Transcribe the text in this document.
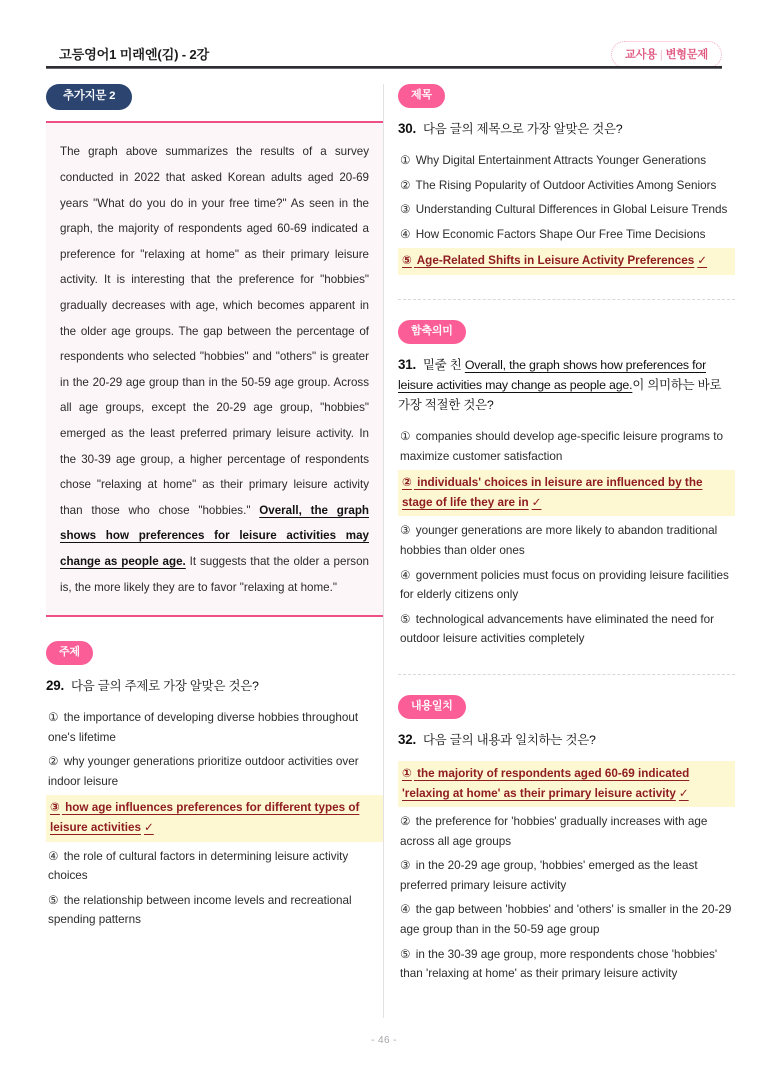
고등영어1 미래엔(김) - 2강	교사용 | 변형문제
추가지문 2

The graph above summarizes the results of a survey conducted in 2022 that asked Korean adults aged 20-69 years "What do you do in your free time?" As seen in the graph, the majority of respondents aged 60-69 indicated a preference for "relaxing at home" as their primary leisure activity. It is interesting that the preference for "hobbies" gradually decreases with age, which becomes apparent in the older age groups. The gap between the percentage of respondents who selected "hobbies" and "others" is greater in the 20-29 age group than in the 50-59 age group. Across all age groups, except the 20-29 age group, "hobbies" emerged as the least preferred primary leisure activity. In the 30-39 age group, a higher percentage of respondents chose "relaxing at home" as their primary leisure activity than those who chose "hobbies." Overall, the graph shows how preferences for leisure activities may change as people age. It suggests that the older a person is, the more likely they are to favor "relaxing at home."

주제

29. 다음 글의 주제로 가장 알맞은 것은?

① the importance of developing diverse hobbies throughout one's lifetime
② why younger generations prioritize outdoor activities over indoor leisure
③ how age influences preferences for different types of leisure activities ✓
④ the role of cultural factors in determining leisure activity choices
⑤ the relationship between income levels and recreational spending patterns
제목

30. 다음 글의 제목으로 가장 알맞은 것은?

① Why Digital Entertainment Attracts Younger Generations
② The Rising Popularity of Outdoor Activities Among Seniors
③ Understanding Cultural Differences in Global Leisure Trends
④ How Economic Factors Shape Our Free Time Decisions
⑤ Age-Related Shifts in Leisure Activity Preferences ✓
함축의미

31. 밑줄 친 Overall, the graph shows how preferences for leisure activities may change as people age.이 의미하는 바로 가장 적절한 것은?

① companies should develop age-specific leisure programs to maximize customer satisfaction
② individuals' choices in leisure are influenced by the stage of life they are in ✓
③ younger generations are more likely to abandon traditional hobbies than older ones
④ government policies must focus on providing leisure facilities for elderly citizens only
⑤ technological advancements have eliminated the need for outdoor leisure activities completely
내용일치

32. 다음 글의 내용과 일치하는 것은?

① the majority of respondents aged 60-69 indicated 'relaxing at home' as their primary leisure activity ✓
② the preference for 'hobbies' gradually increases with age across all age groups
③ in the 20-29 age group, 'hobbies' emerged as the least preferred primary leisure activity
④ the gap between 'hobbies' and 'others' is smaller in the 20-29 age group than in the 50-59 age group
⑤ in the 30-39 age group, more respondents chose 'hobbies' than 'relaxing at home' as their primary leisure activity
- 46 -
